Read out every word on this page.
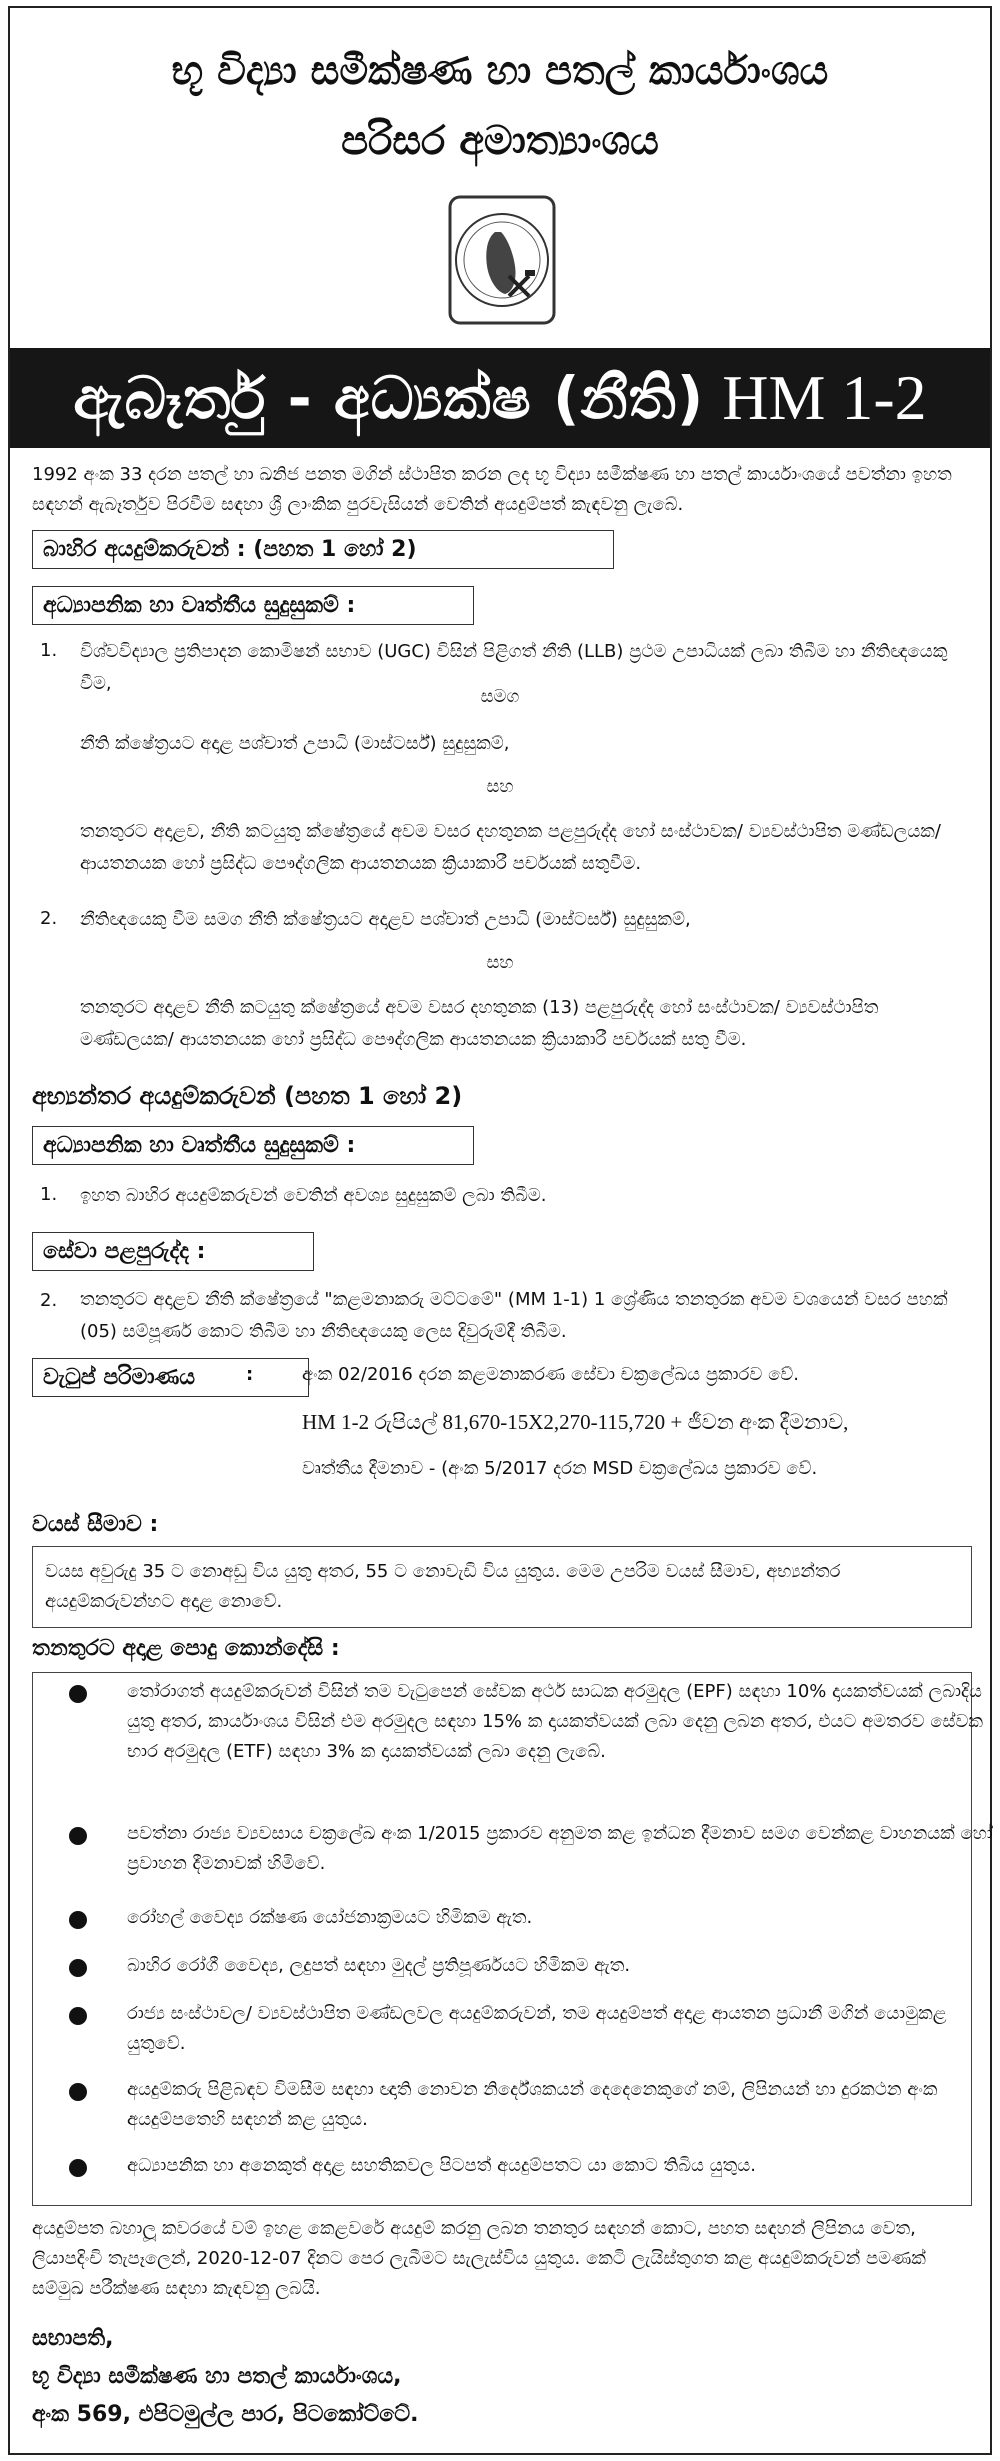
භූ විද්‍යා සමීක්ෂණ හා පතල් කාර්යාංශය
පරිසර අමාත්‍යාංශය
ඇබෑර්තු - අධ්‍යක්ෂ (නීති) HM 1-2
1992 අංක 33 දරන පතල් හා ඛනිජ පනත මගින් ස්ථාපිත කරන ලද භූ විද්‍යා සමීක්ෂණ හා පතල් කාර්යාංශයේ පවත්නා ඉහත සඳහන් ඇබෑර්තුව පිරවීම සඳහා ශ්‍රී ලාංකික පුරවැසියන් වෙතින් අයදුම්පත් කැඳවනු ලැබේ.
බාහිර අයදුම්කරුවන් : (පහත 1 හෝ 2)
අධ්‍යාපනික හා වෘත්තීය සුදුසුකම් :
1. විශ්වවිද්‍යාල ප්‍රතිපාදන කොමිෂන් සභාව (UGC) විසින් පිළිගත් නීති (LLB) ප්‍රථම උපාධියක් ලබා තිබීම හා නීතිඥයෙකු වීම,
සමග
නීති ක්ෂේත්‍රයට අදාළ පශ්චාත් උපාධි (මාස්ටර්ස්) සුදුසුකම්,
සහ
තනතුරට අදාළව, නීති කටයුතු ක්ෂේත්‍රයේ අවම වසර දහතුනක පළපුරුද්ද හෝ සංස්ථාවක/ ව්‍යවස්ථාපිත මණ්ඩලයක/ ආයතනයක හෝ ප්‍රසිද්ධ පෞද්ගලික ආයතනයක ක්‍රියාකාරී පර්චයක් සතුවීම.
2. නීතිඥයෙකු වීම සමග නීති ක්ෂේත්‍රයට අදාළව පශ්චාත් උපාධි (මාස්ටර්ස්) සුදුසුකම්,
සහ
තනතුරට අදාළව නීති කටයුතු ක්ෂේත්‍රයේ අවම වසර දහතුනක (13) පළපුරුද්ද හෝ සංස්ථාවක/ ව්‍යවස්ථාපිත මණ්ඩලයක/ ආයතනයක හෝ ප්‍රසිද්ධ පෞද්ගලික ආයතනයක ක්‍රියාකාරී පර්චයක් සතු වීම.
අභ්‍යන්තර අයදුම්කරුවන් (පහත 1 හෝ 2)
අධ්‍යාපනික හා වෘත්තීය සුදුසුකම් :
1. ඉහත බාහිර අයදුම්කරුවන් වෙතින් අවශ්‍ය සුදුසුකම් ලබා තිබීම.
සේවා පළපුරුද්ද :
2. තනතුරට අදාළව නීති ක්ෂේත්‍රයේ "කළමනාකරු මට්ටමේ" (MM 1-1) 1 ශ්‍රේණිය තනතුරක අවම වශයෙන් වසර පහක් (05) සම්පූර්ණ කොට තිබීම හා නීතිඥයෙකු ලෙස දිවුරුම්දී තිබීම.
වැටුප් පරිමාණය	:	අංක 02/2016 දරන කළමනාකරණ සේවා චක්‍රලේඛය ප්‍රකාරව වේ.
HM 1-2 රුපියල් 81,670-15X2,270-115,720 + ජීවන අංක දීමනාව,
වෘත්තීය දීමනාව - (අංක 5/2017 දරන MSD චක්‍රලේඛය ප්‍රකාරව වේ.
වයස් සීමාව :
වයස අවුරුදු 35 ට නොඅඩු විය යුතු අතර, 55 ට නොවැඩි විය යුතුය. මෙම උපරිම වයස් සීමාව, අභ්‍යන්තර අයදුම්කරුවන්හට අදාළ නොවේ.
තනතුරට අදාළ පොදු කොන්දේසි :
තෝරාගත් අයදුම්කරුවන් විසින් තම වැටුපෙන් සේවක අර්ථ සාධක අරමුදල (EPF) සඳහා 10% දායකත්වයක් ලබාදිය යුතු අතර, කාර්යාංශය විසින් එම අරමුදල සඳහා 15% ක දායකත්වයක් ලබා දෙනු ලබන අතර, එයට අමතරව සේවක භාර අරමුදල (ETF) සඳහා 3% ක දායකත්වයක් ලබා දෙනු ලැබේ.
පවත්නා රාජ්‍ය ව්‍යවසාය චක්‍රලේඛ අංක 1/2015 ප්‍රකාරව අනුමත කළ ඉන්ධන දීමනාව සමග වෙන්කළ වාහනයක් හෝ ප්‍රවාහන දීමනාවක් හිමිවේ.
රෝහල් වෛද්‍ය රක්ෂණ යෝජනාක්‍රමයට හිමිකම ඇත.
බාහිර රෝගී වෛද්‍ය, ලදුපත් සඳහා මුදල් ප්‍රතිපූර්ණයට හිමිකම ඇත.
රාජ්‍ය සංස්ථාවල/ ව්‍යවස්ථාපිත මණ්ඩලවල අයදුම්කරුවන්, තම අයදුම්පත් අදාළ ආයතන ප්‍රධානී මගින් යොමුකළ යුතුවේ.
අයදුම්කරු පිළිබඳව විමසීම සඳහා ඥාති නොවන නිර්දේශකයන් දෙදෙනෙකුගේ නම්, ලිපිනයන් හා දුරකථන අංක අයදුම්පතෙහි සඳහන් කළ යුතුය.
අධ්‍යාපනික හා අනෙකුත් අදාළ සහතිකවල පිටපත් අයදුම්පතට යා කොට තිබිය යුතුය.
අයදුම්පත බහාලූ කවරයේ වම් ඉහළ කෙළවරේ අයදුම් කරනු ලබන තනතුර සඳහන් කොට, පහත සඳහන් ලිපිනය වෙත, ලියාපදිංචි තැපෑලෙන්, 2020-12-07 දිනට පෙර ලැබීමට සැලැස්විය යුතුය. කෙටි ලැයිස්තුගත කළ අයදුම්කරුවන් පමණක් සම්මුඛ පරීක්ෂණ සඳහා කැඳවනු ලබයි.
සභාපති,
භූ විද්‍යා සමීක්ෂණ හා පතල් කාර්යාංශය,
අංක 569, එපිටමුල්ල පාර, පිටකෝට්ටේ.
